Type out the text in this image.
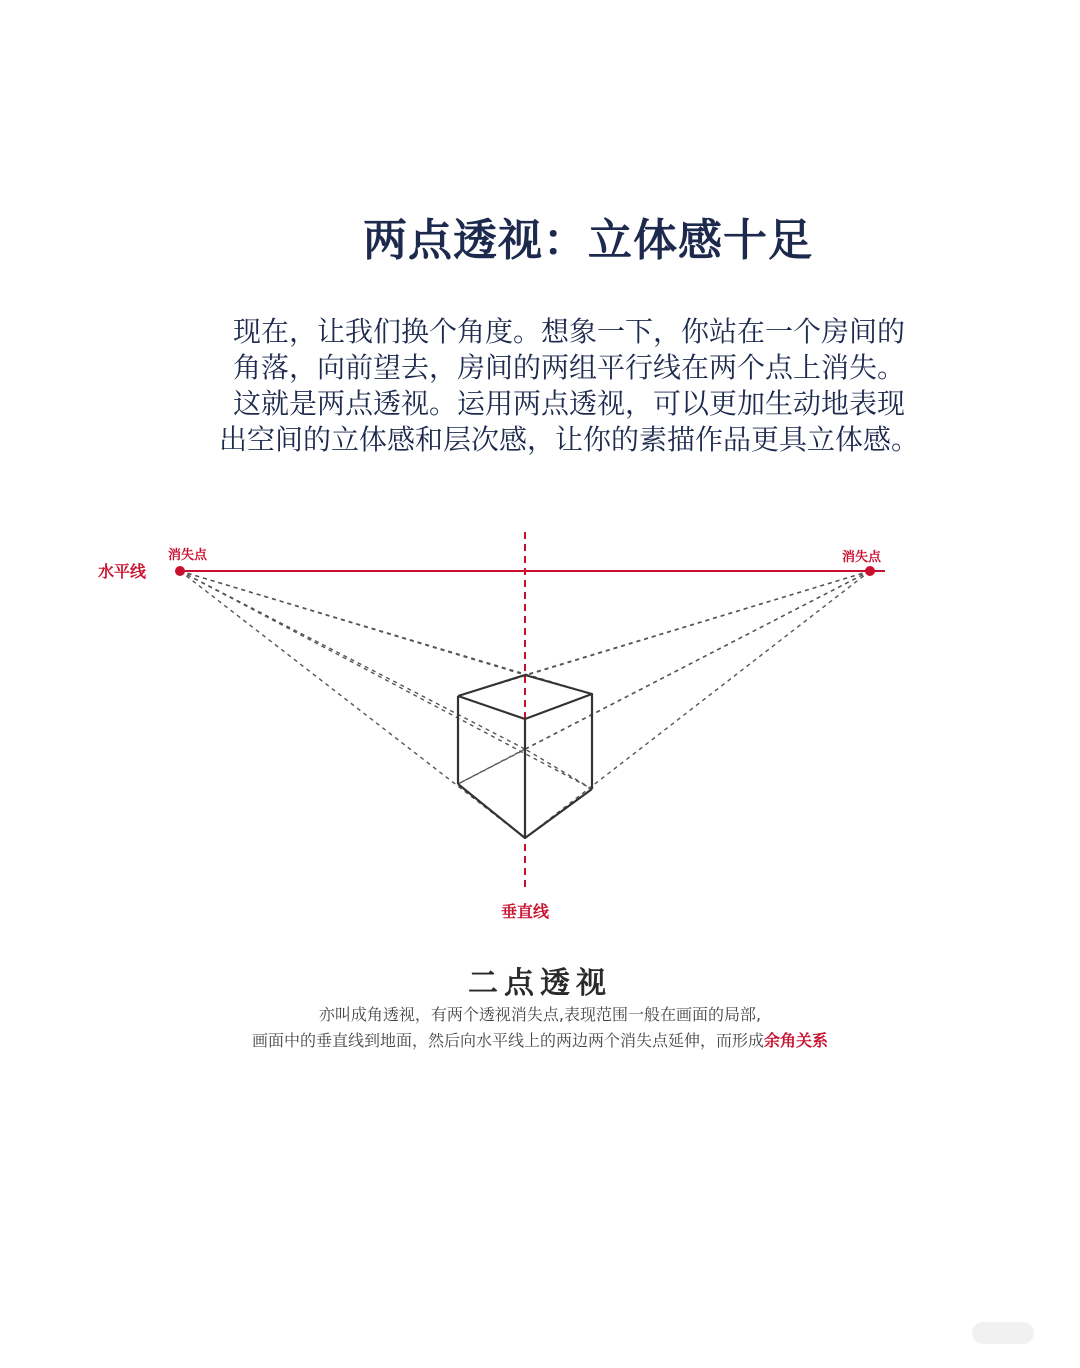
两点透视：立体感十足
现在，让我们换个角度。想象一下，你站在一个房间的
角落，向前望去，房间的两组平行线在两个点上消失。
这就是两点透视。运用两点透视，可以更加生动地表现
出空间的立体感和层次感，让你的素描作品更具立体感。
水平线
消失点	消失点
垂直线
二点透视
亦叫成角透视，有两个透视消失点,表现范围一般在画面的局部,
画面中的垂直线到地面，然后向水平线上的两边两个消失点延伸，而形成余角关系
